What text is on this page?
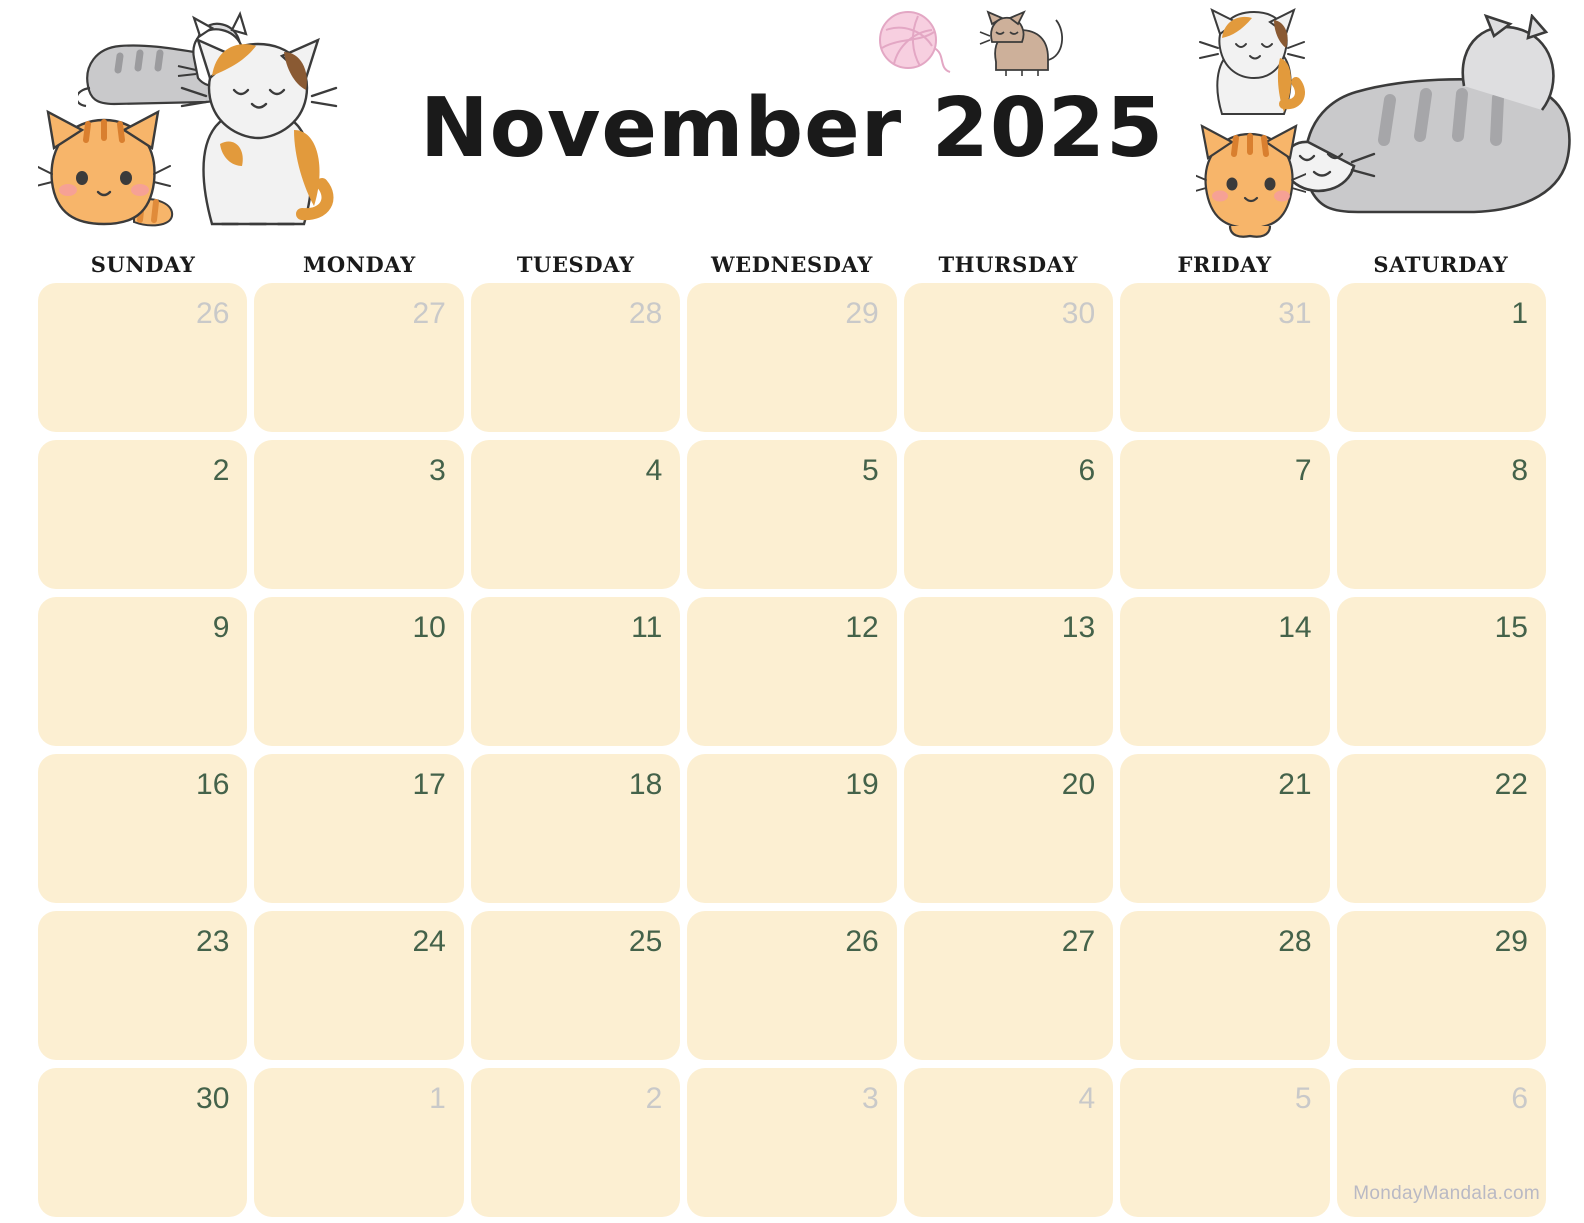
November 2025
SUNDAY	MONDAY	TUESDAY	WEDNESDAY	THURSDAY	FRIDAY	SATURDAY
26	27	28	29	30	31	1
2	3	4	5	6	7	8
9	10	11	12	13	14	15
16	17	18	19	20	21	22
23	24	25	26	27	28	29
30	1	2	3	4	5	6
MondayMandala.com
